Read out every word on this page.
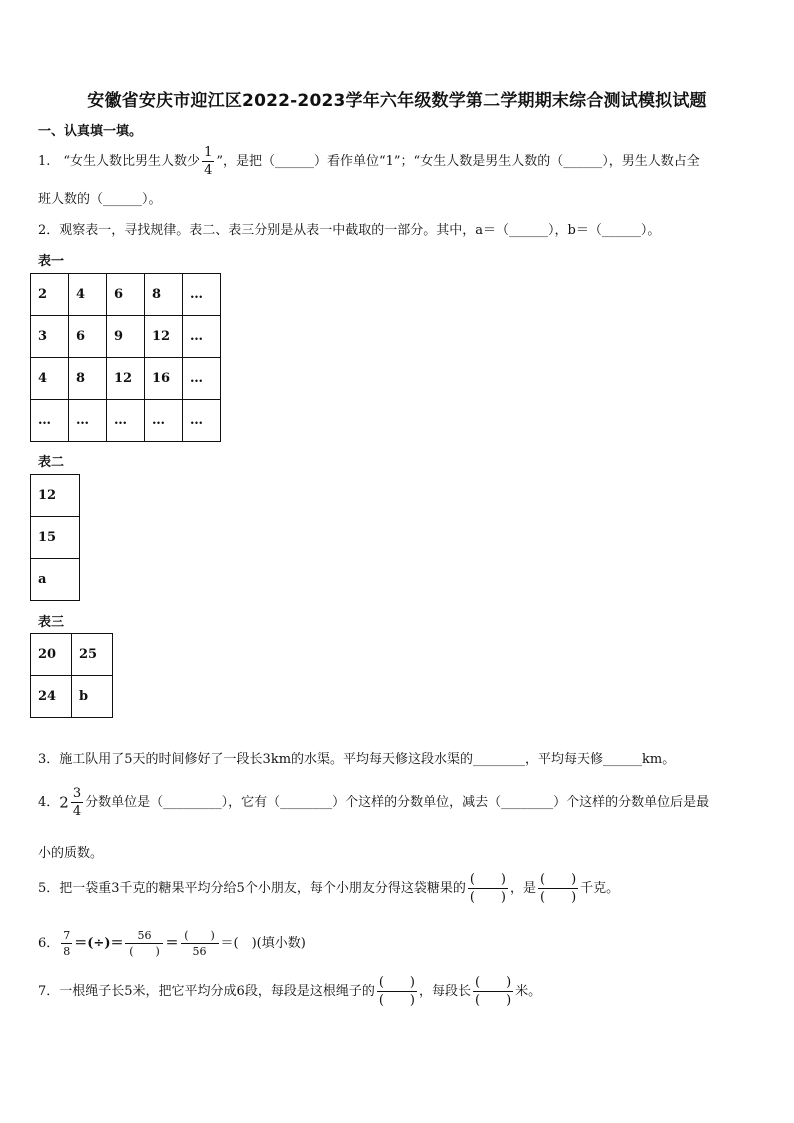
安徽省安庆市迎江区2022-2023学年六年级数学第二学期期末综合测试模拟试题
一、认真填一填。
1.　“女生人数比男生人数少 $\frac{1}{4}$ ”，是把（______）看作单位“1”；“女生人数是男生人数的（______），男生人数占全
班人数的（______）。
2．观察表一，寻找规律。表二、表三分别是从表一中截取的一部分。其中，a＝（______），b＝（______）。
表一
2	4	6	8	…
3	6	9	12	…
4	8	12	16	…
…	…	…	…	…
表二
12
15
a
表三
20	25
24	b
3．施工队用了5天的时间修好了一段长3km的水渠。平均每天修这段水渠的________，平均每天修______km。
4．$2 \frac{3}{4}$ 分数单位是（_________），它有（________）个这样的分数单位，减去（________）个这样的分数单位后是最
小的质数。
5．把一袋重3千克的糖果平均分给5个小朋友，每个小朋友分得这袋糖果的 $\frac{( )}{( )}$ ，是 $\frac{( )}{( )}$ 千克。
6． $\frac{7}{8}$ ＝(÷)＝ $\frac{56}{( )} = \frac{( )}{56}$ ＝(　)(填小数)
7．一根绳子长5米，把它平均分成6段，每段是这根绳子的 $\frac{( )}{( )}$ ，每段长 $\frac{( )}{( )}$ 米。
